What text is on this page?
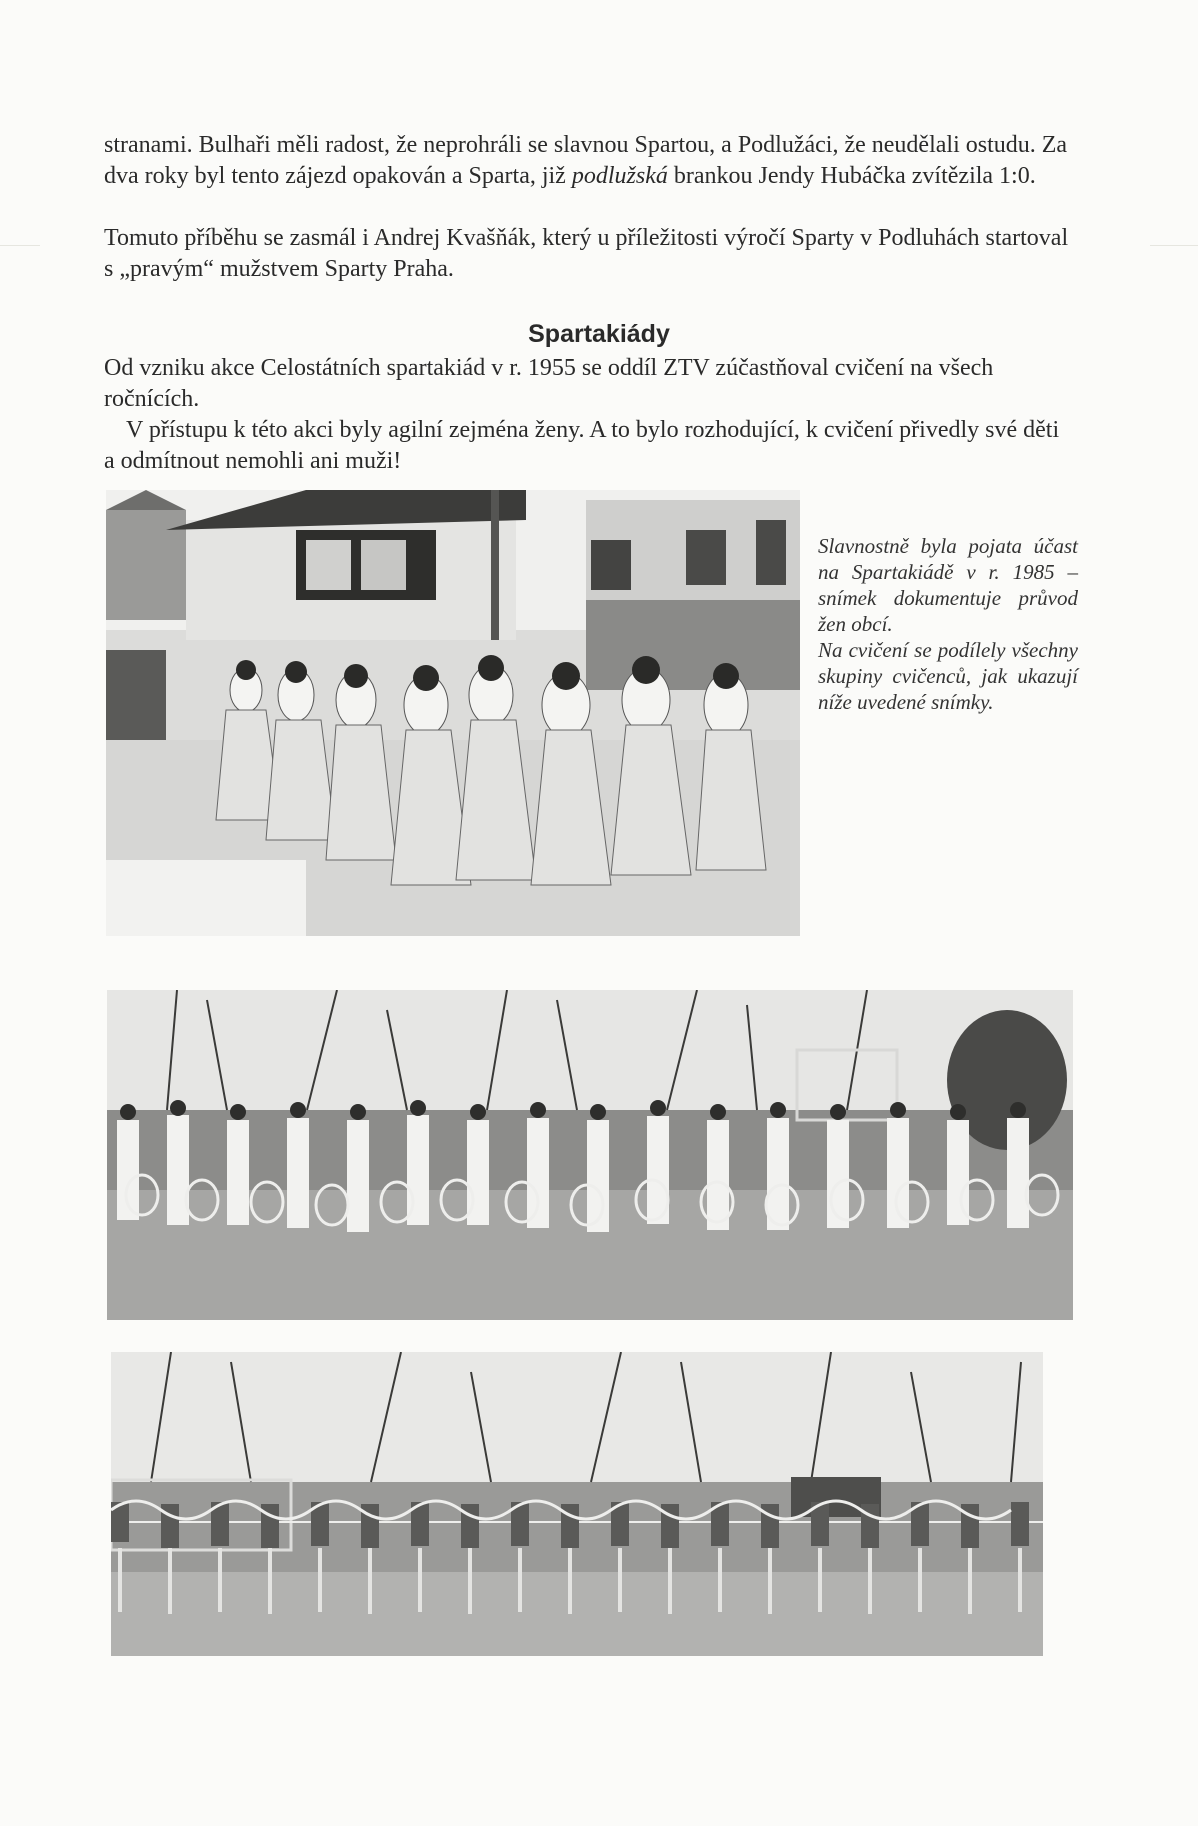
stranami. Bulhaři měli radost, že neprohráli se slavnou Spartou, a Podlužáci, že neudělali ostudu. Za dva roky byl tento zájezd opakován a Sparta, již podlužská brankou Jendy Hubáčka zvítězila 1:0.

Tomuto příběhu se zasmál i Andrej Kvašňák, který u příležitosti výročí Sparty v Podluhách startoval s „pravým“ mužstvem Sparty Praha.

Spartakiády

Od vzniku akce Celostátních spartakiád v r. 1955 se oddíl ZTV zúčastňoval cvičení na všech ročnících.

V přístupu k této akci byly agilní zejména ženy. A to bylo rozhodující, k cvičení přivedly své děti a odmítnout nemohli ani muži!

Slavnostně byla pojata účast na Spartakiádě v r. 1985 – snímek dokumentuje průvod žen obcí.
Na cvičení se podílely všechny skupiny cvičenců, jak ukazují níže uvedené snímky.
